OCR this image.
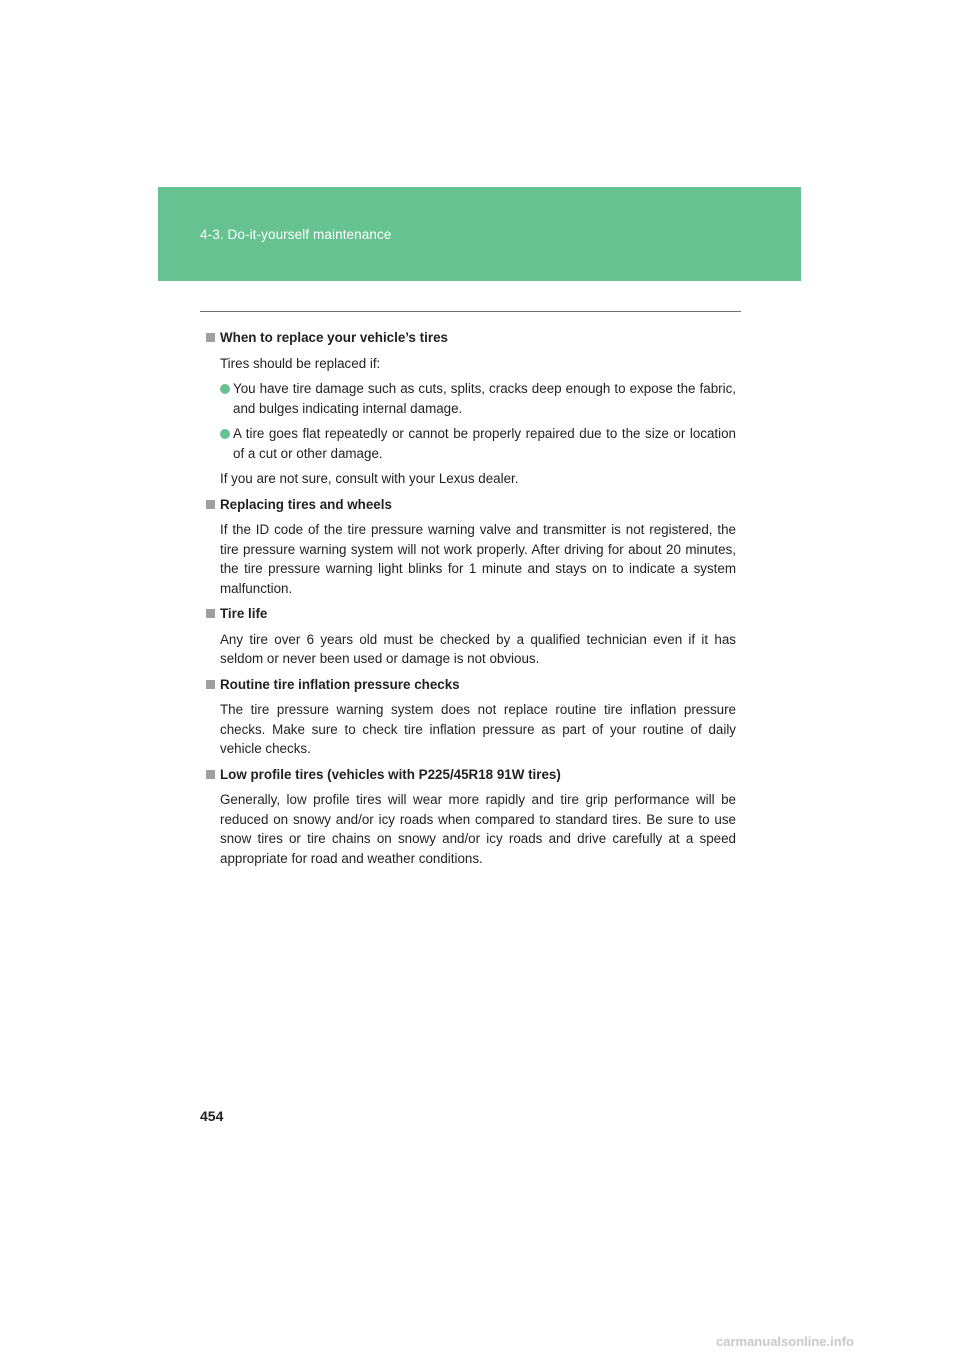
4-3. Do-it-yourself maintenance
When to replace your vehicle’s tires
Tires should be replaced if:
You have tire damage such as cuts, splits, cracks deep enough to expose the fabric, and bulges indicating internal damage.
A tire goes flat repeatedly or cannot be properly repaired due to the size or location of a cut or other damage.
If you are not sure, consult with your Lexus dealer.
Replacing tires and wheels
If the ID code of the tire pressure warning valve and transmitter is not registered, the tire pressure warning system will not work properly. After driving for about 20 minutes, the tire pressure warning light blinks for 1 minute and stays on to indicate a system malfunction.
Tire life
Any tire over 6 years old must be checked by a qualified technician even if it has seldom or never been used or damage is not obvious.
Routine tire inflation pressure checks
The tire pressure warning system does not replace routine tire inflation pressure checks. Make sure to check tire inflation pressure as part of your routine of daily vehicle checks.
Low profile tires (vehicles with P225/45R18 91W tires)
Generally, low profile tires will wear more rapidly and tire grip performance will be reduced on snowy and/or icy roads when compared to standard tires. Be sure to use snow tires or tire chains on snowy and/or icy roads and drive carefully at a speed appropriate for road and weather conditions.
454
carmanualsonline.info
